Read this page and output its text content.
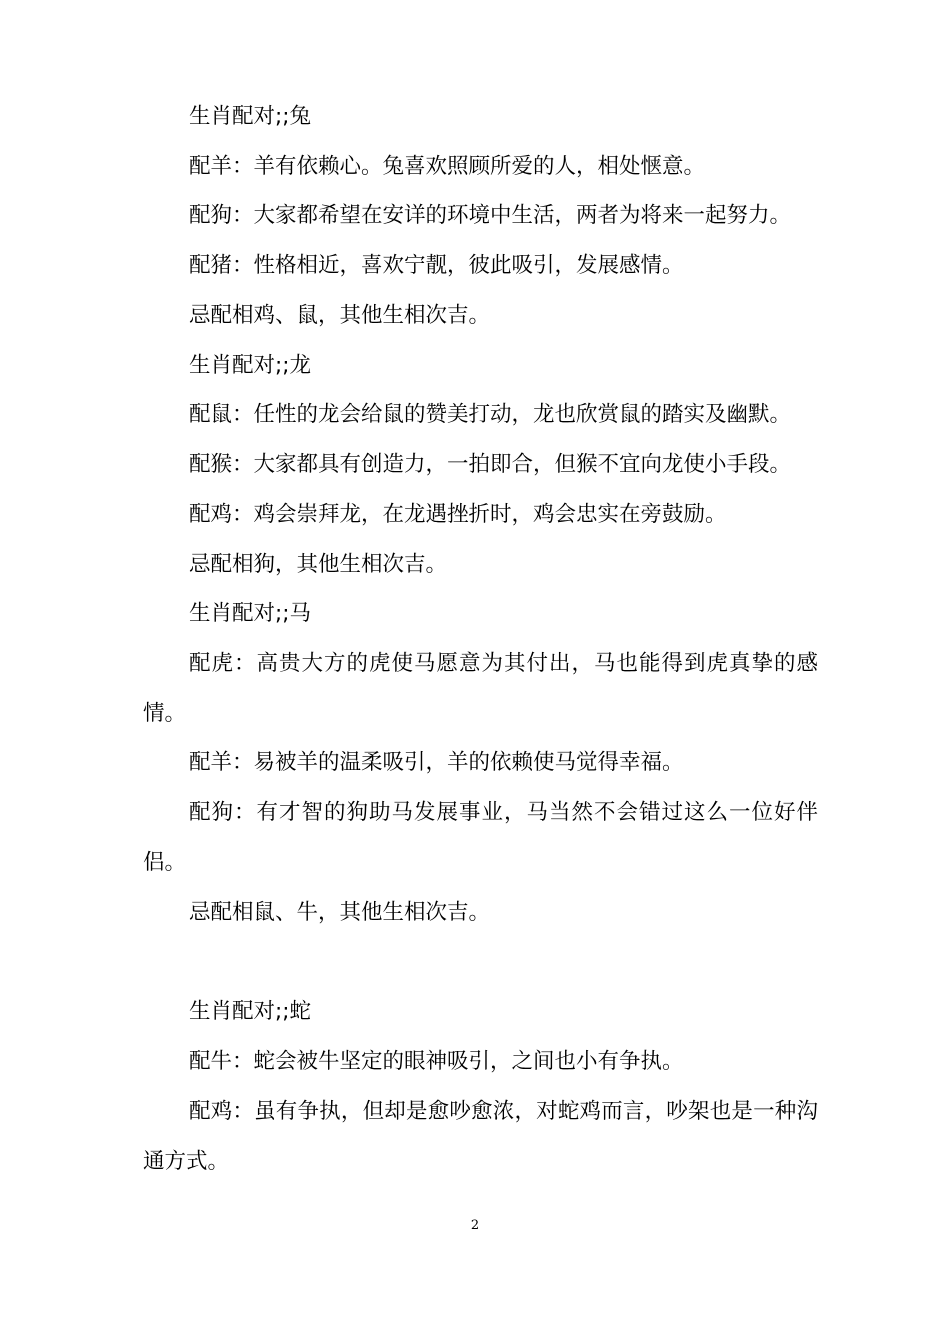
生肖配对;;兔

配羊：羊有依赖心。兔喜欢照顾所爱的人，相处惬意。

配狗：大家都希望在安详的环境中生活，两者为将来一起努力。

配猪：性格相近，喜欢宁靓，彼此吸引，发展感情。

忌配相鸡、鼠，其他生相次吉。

生肖配对;;龙

配鼠：任性的龙会给鼠的赞美打动，龙也欣赏鼠的踏实及幽默。

配猴：大家都具有创造力，一拍即合，但猴不宜向龙使小手段。

配鸡：鸡会崇拜龙，在龙遇挫折时，鸡会忠实在旁鼓励。

忌配相狗，其他生相次吉。

生肖配对;;马

配虎：高贵大方的虎使马愿意为其付出，马也能得到虎真挚的感情。

配羊：易被羊的温柔吸引，羊的依赖使马觉得幸福。

配狗：有才智的狗助马发展事业，马当然不会错过这么一位好伴侣。

忌配相鼠、牛，其他生相次吉。

生肖配对;;蛇

配牛：蛇会被牛坚定的眼神吸引，之间也小有争执。

配鸡：虽有争执，但却是愈吵愈浓，对蛇鸡而言，吵架也是一种沟通方式。

2
